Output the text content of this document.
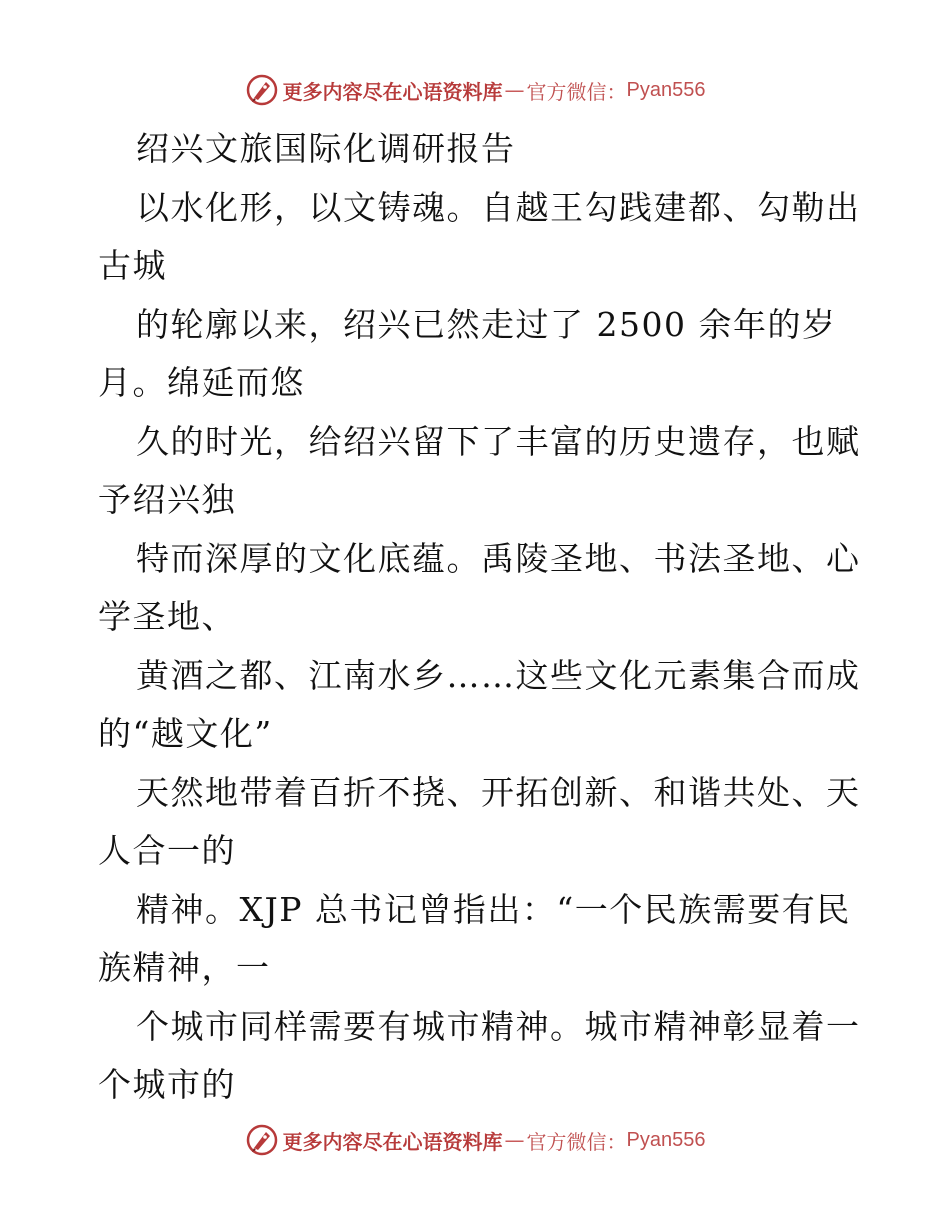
更多内容尽在心语资料库 — 官方微信： Pyan556
绍兴文旅国际化调研报告
以水化形，以文铸魂。自越王勾践建都、勾勒出
古城
的轮廓以来，绍兴已然走过了 2500 余年的岁
月。绵延而悠
久的时光，给绍兴留下了丰富的历史遗存，也赋
予绍兴独
特而深厚的文化底蕴。禹陵圣地、书法圣地、心
学圣地、
黄酒之都、江南水乡……这些文化元素集合而成
的“越文化”
天然地带着百折不挠、开拓创新、和谐共处、天
人合一的
精神。XJP 总书记曾指出：“一个民族需要有民
族精神，一
个城市同样需要有城市精神。城市精神彰显着一
个城市的
更多内容尽在心语资料库 — 官方微信： Pyan556
